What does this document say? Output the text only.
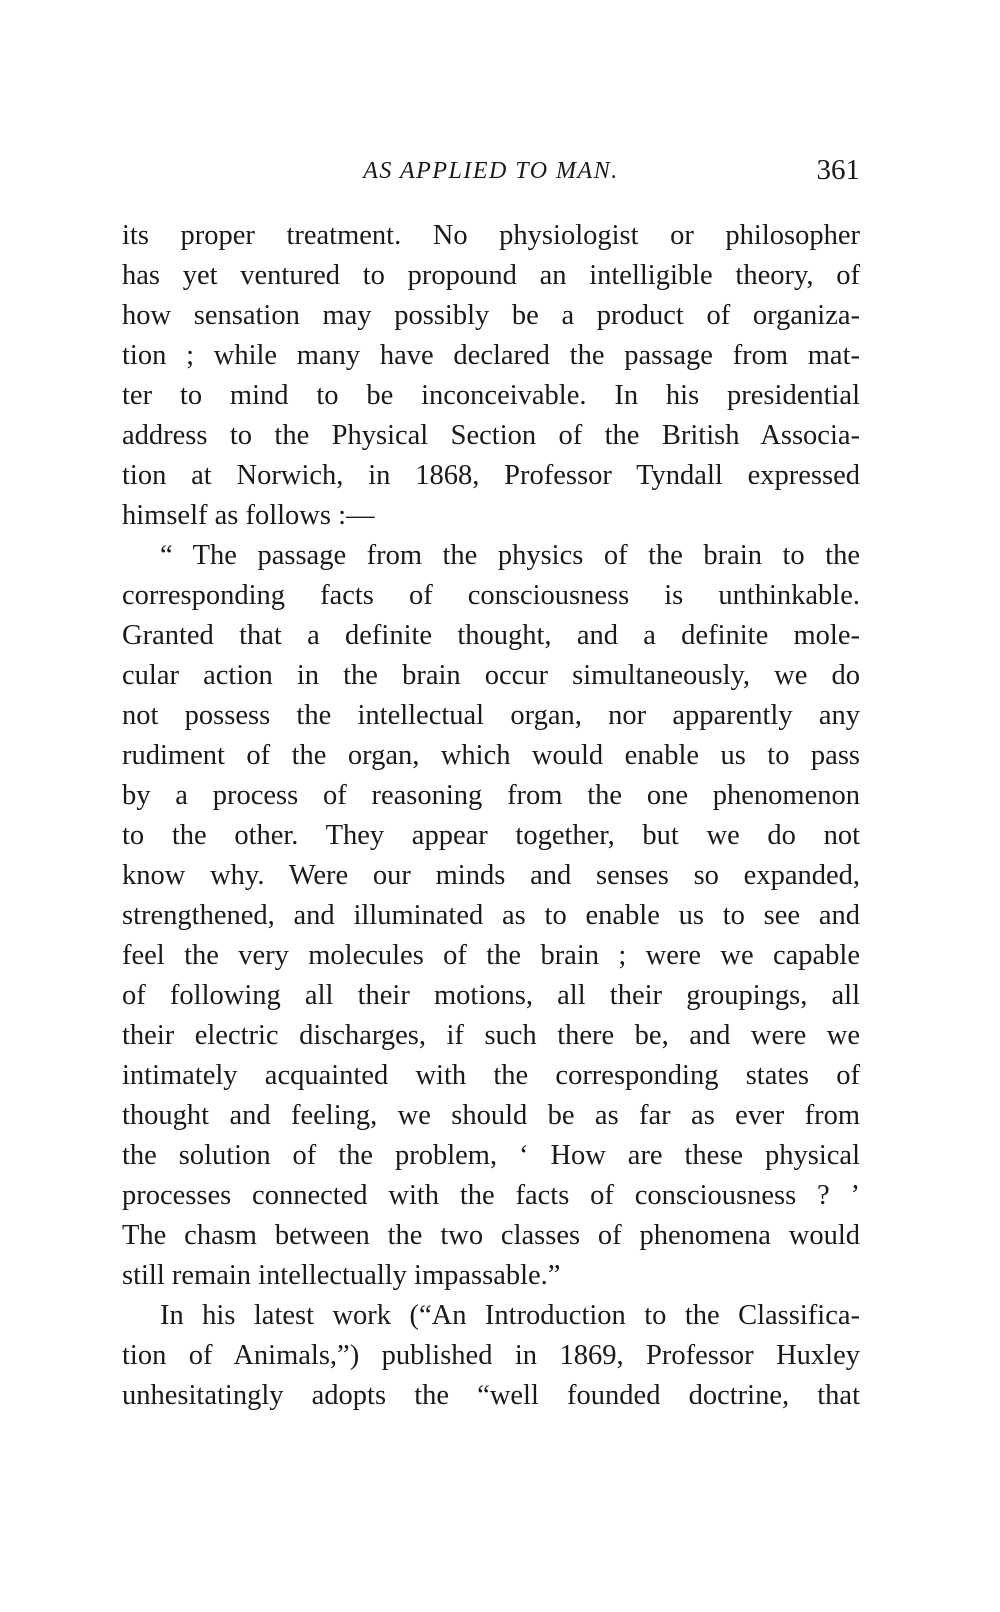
AS APPLIED TO MAN.	361
its proper treatment. No physiologist or philosopher
has yet ventured to propound an intelligible theory, of
how sensation may possibly be a product of organiza-
tion ; while many have declared the passage from mat-
ter to mind to be inconceivable. In his presidential
address to the Physical Section of the British Associa-
tion at Norwich, in 1868, Professor Tyndall expressed
himself as follows :—
“ The passage from the physics of the brain to the
corresponding facts of consciousness is unthinkable.
Granted that a definite thought, and a definite mole-
cular action in the brain occur simultaneously, we do
not possess the intellectual organ, nor apparently any
rudiment of the organ, which would enable us to pass
by a process of reasoning from the one phenomenon
to the other. They appear together, but we do not
know why. Were our minds and senses so expanded,
strengthened, and illuminated as to enable us to see and
feel the very molecules of the brain ; were we capable
of following all their motions, all their groupings, all
their electric discharges, if such there be, and were we
intimately acquainted with the corresponding states of
thought and feeling, we should be as far as ever from
the solution of the problem, ‘ How are these physical
processes connected with the facts of consciousness ? ’
The chasm between the two classes of phenomena would
still remain intellectually impassable.”
In his latest work (“An Introduction to the Classifica-
tion of Animals,”) published in 1869, Professor Huxley
unhesitatingly adopts the “well founded doctrine, that
